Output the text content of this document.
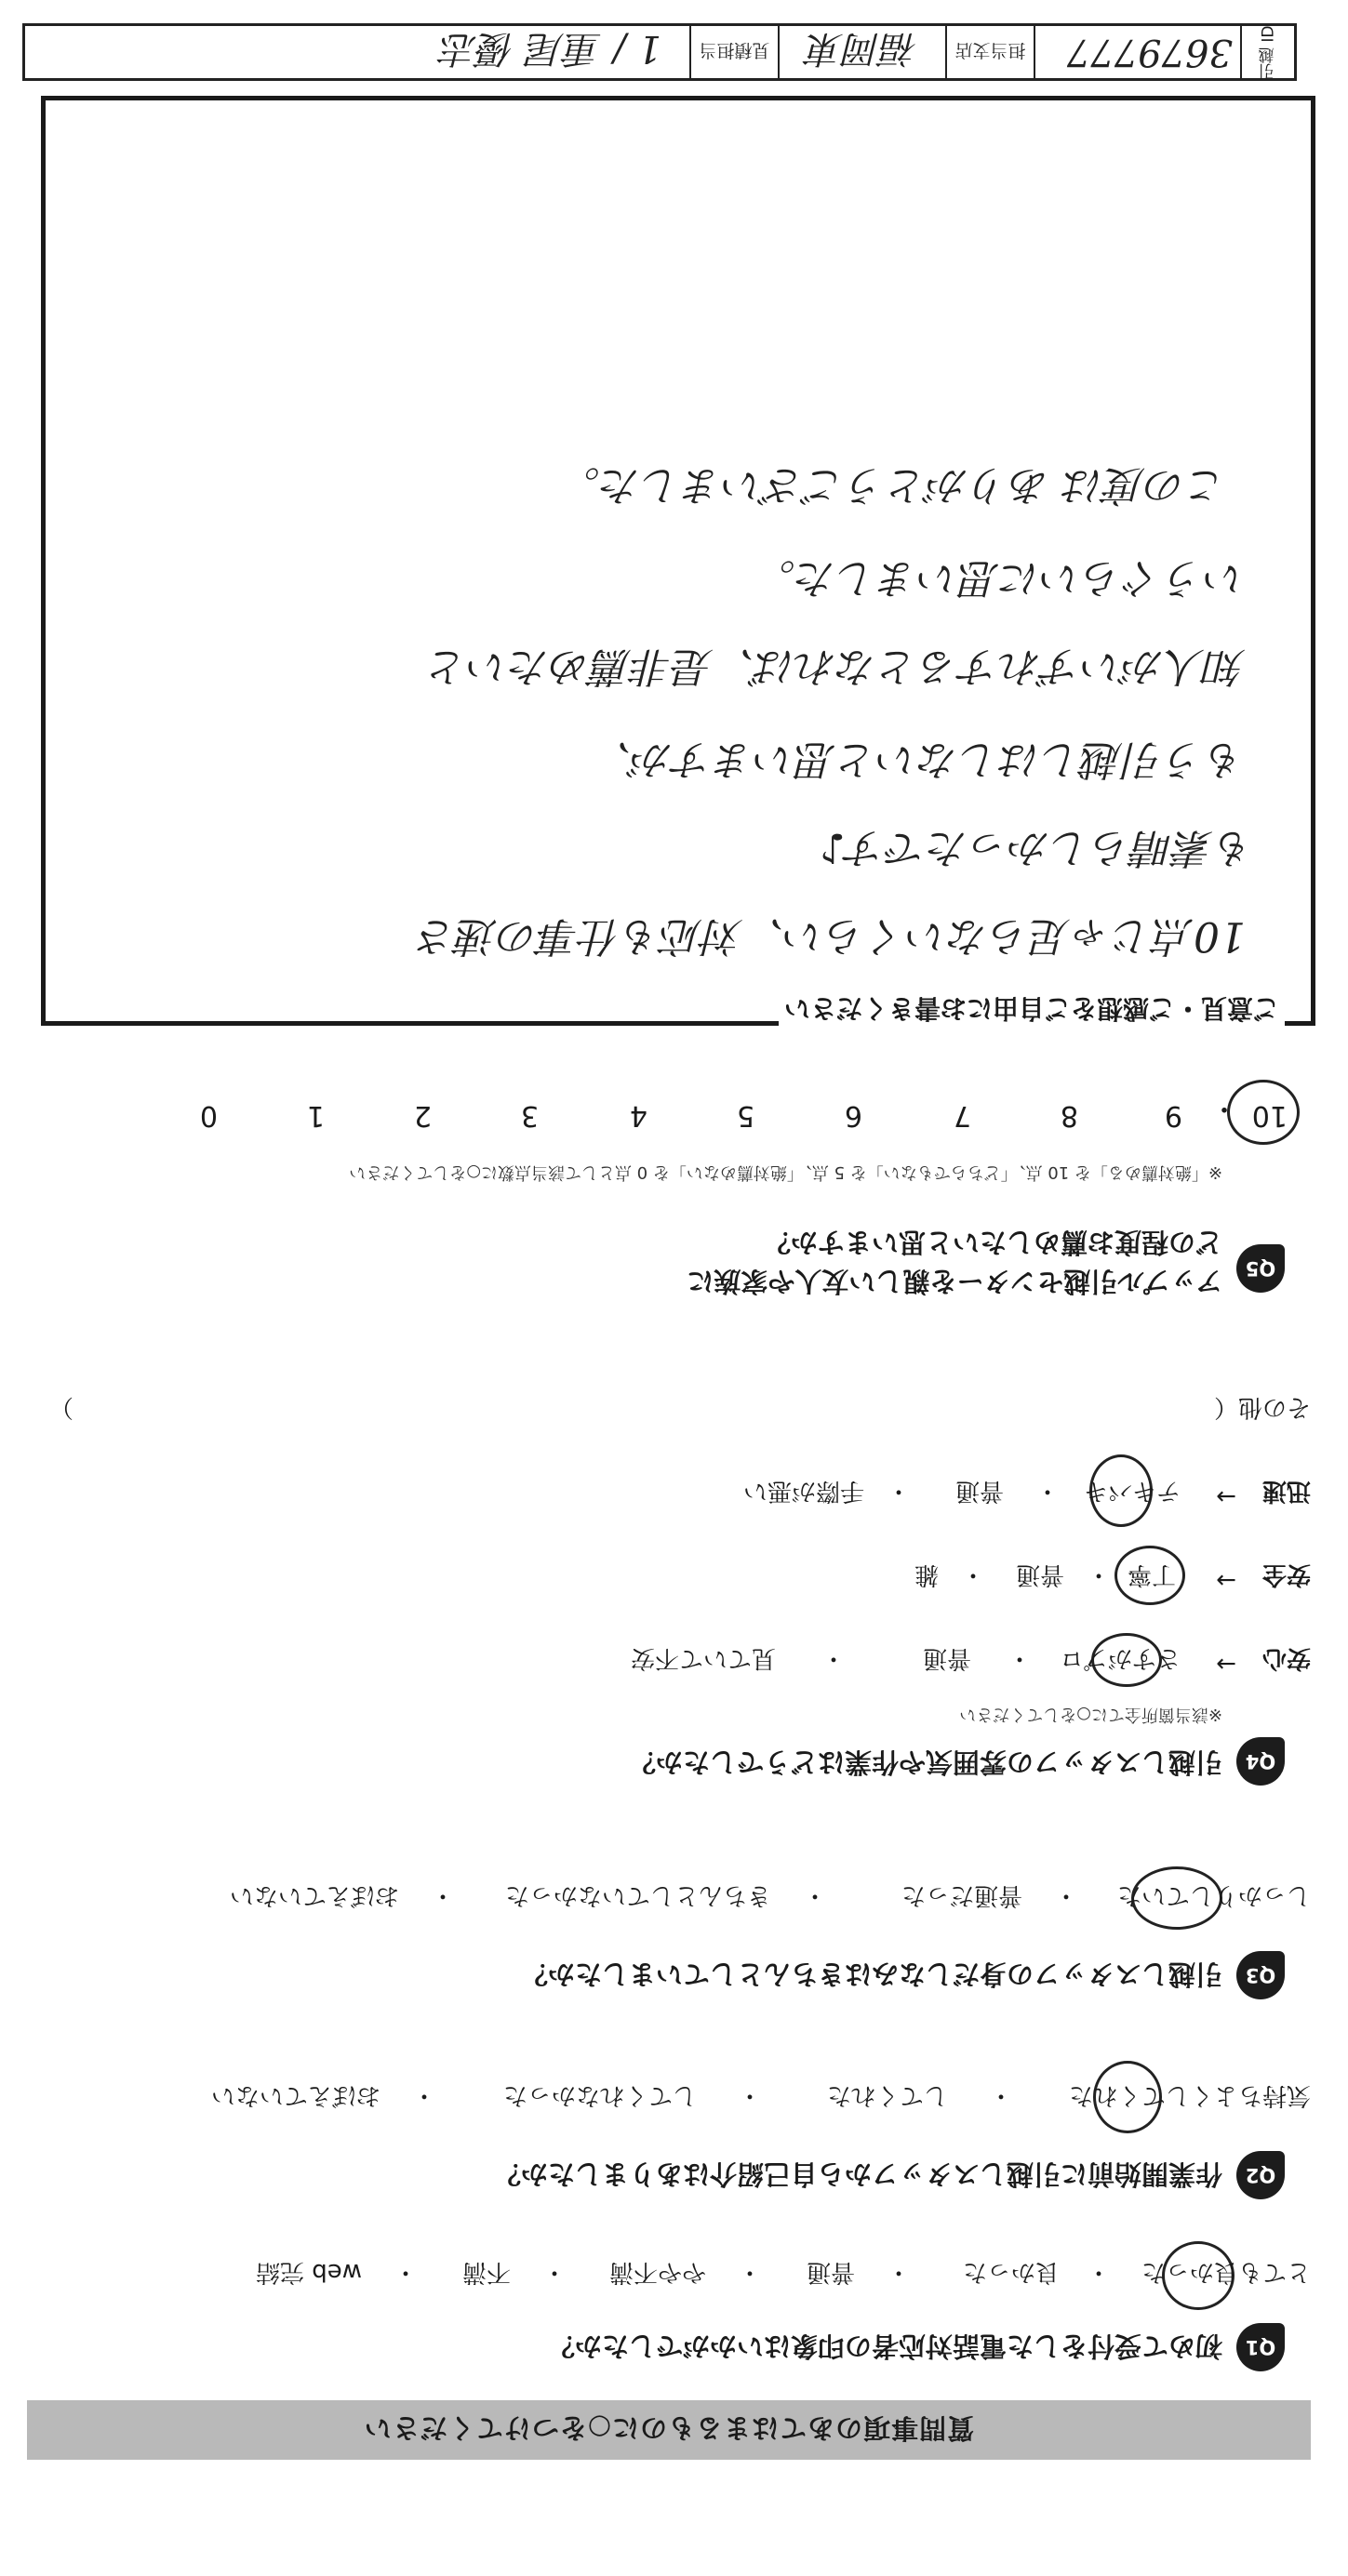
引越 ID
3679777
担当支店
福岡東
見積担当
1 / 重尾 優志
ご意見・ご感想をご自由にお書きください
10点じゃ足らないくらい、対応も仕事の速さ
も素晴らしかったです♪
もう引越しはしないと思いますが、
知人がいずれするとなれば、是非薦めたいと
いうぐらいに思いました。
この度は ありがとうございました。
10
・
9
8
7
6
5
4
3
2
1
0
Q5
アップル引越センターを親しい友人や家族に
どの程度お薦めしたいと思いますか？
※「絶対薦める」を 10 点、「どちらでもない」を 5 点、「絶対薦めない」を 0 点として該当点数に○をしてください
Q4
引越しスタッフの雰囲気や作業はどうでしたか？
※該当箇所全てに○をしてください
安心
→
さすがプロ
・
普通
・
見ていて不安
安全
→
丁寧
・
普通
・
雑
迅速
→
テキパキ
・
普通
・
手際が悪い
その他（
）
Q3
引越しスタッフの身だしなみはきちんとしていましたか？
しっかりしていた
・
普通だった
・
きちんとしていなかった
・
おぼえていない
Q2
作業開始前に引越しスタッフから自己紹介はありましたか？
気持ちよくしてくれた
・
してくれた
・
してくれなかった
・
おぼえていない
Q1
初めて受付をした電話対応者の印象はいかがでしたか？
とても良かった
・
良かった
・
普通
・
やや不満
・
不満
・
web 完結
質問事項のあてはまるものに○をつけてください
